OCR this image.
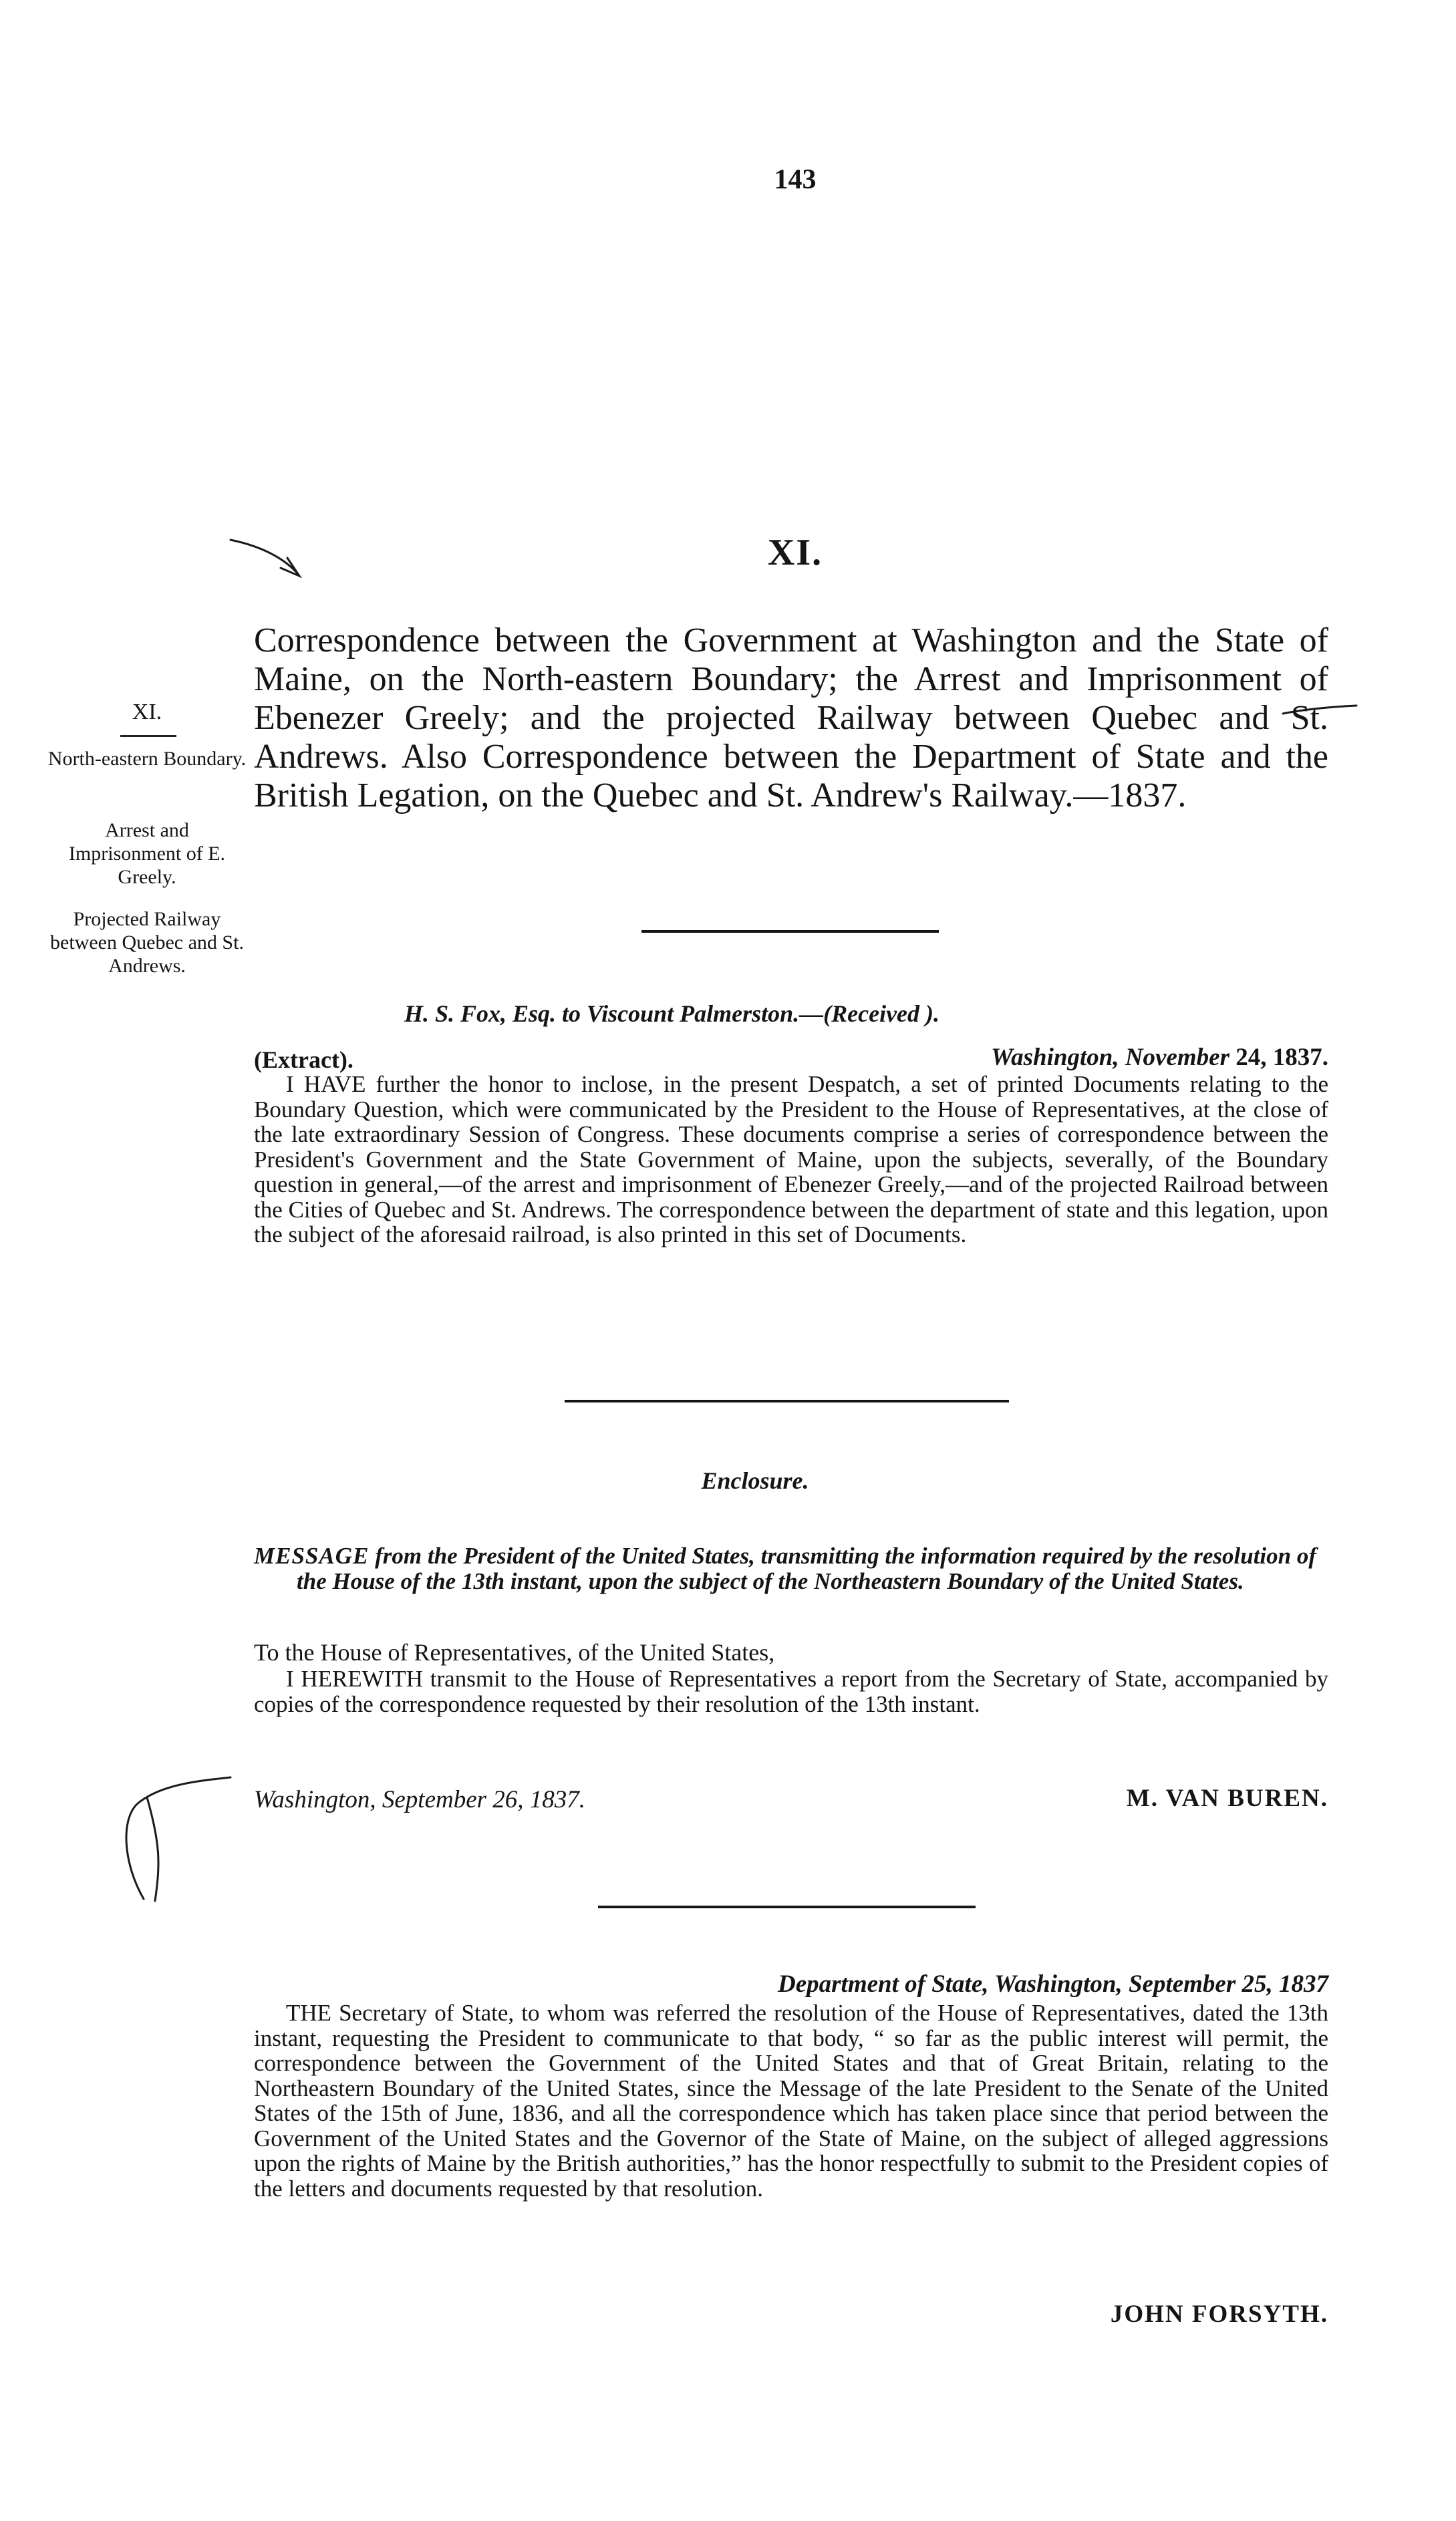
143
XI.
Correspondence between the Government at Washington and the State of Maine, on the North-eastern Boundary; the Arrest and Imprisonment of Ebenezer Greely; and the projected Railway between Quebec and St. Andrews. Also Correspondence between the Department of State and the British Legation, on the Quebec and St. Andrew's Railway.—1837.
XI.
North-eastern Boundary.
Arrest and Imprisonment of E. Greely.
Projected Railway between Quebec and St. Andrews.
H. S. Fox, Esq. to Viscount Palmerston.—(Received ).
(Extract).	Washington, November 24, 1837.
I HAVE further the honor to inclose, in the present Despatch, a set of printed Documents relating to the Boundary Question, which were communicated by the President to the House of Representatives, at the close of the late extraordinary Session of Congress. These documents comprise a series of correspondence between the President's Government and the State Government of Maine, upon the subjects, severally, of the Boundary question in general,—of the arrest and imprisonment of Ebenezer Greely,—and of the projected Railroad between the Cities of Quebec and St. Andrews. The correspondence between the department of state and this legation, upon the subject of the aforesaid railroad, is also printed in this set of Documents.
Enclosure.
MESSAGE from the President of the United States, transmitting the information required by the resolution of the House of the 13th instant, upon the subject of the Northeastern Boundary of the United States.
To the House of Representatives, of the United States,
I HEREWITH transmit to the House of Representatives a report from the Secretary of State, accompanied by copies of the correspondence requested by their resolution of the 13th instant.
Washington, September 26, 1837.	M. VAN BUREN.
Department of State, Washington, September 25, 1837
THE Secretary of State, to whom was referred the resolution of the House of Representatives, dated the 13th instant, requesting the President to communicate to that body, “ so far as the public interest will permit, the correspondence between the Government of the United States and that of Great Britain, relating to the Northeastern Boundary of the United States, since the Message of the late President to the Senate of the United States of the 15th of June, 1836, and all the correspondence which has taken place since that period between the Government of the United States and the Governor of the State of Maine, on the subject of alleged aggressions upon the rights of Maine by the British authorities,” has the honor respectfully to submit to the President copies of the letters and documents requested by that resolution.
JOHN FORSYTH.
